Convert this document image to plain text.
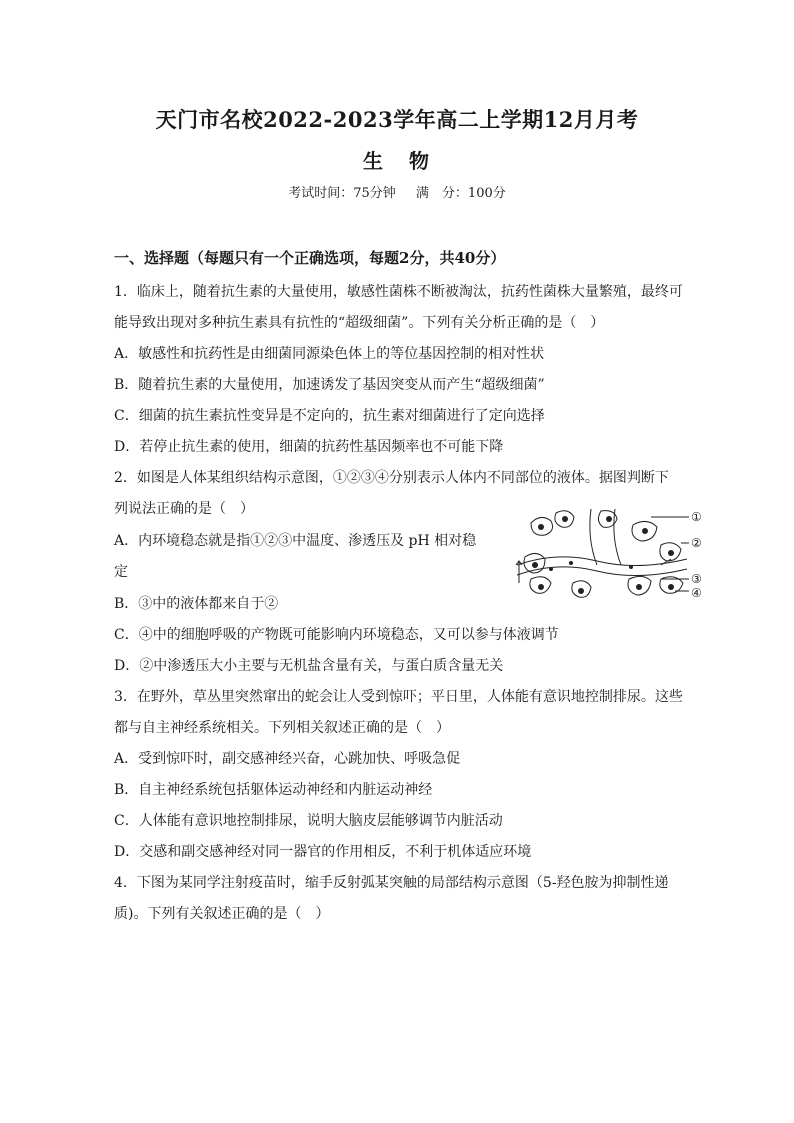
天门市名校2022-2023学年高二上学期12月月考
生物
考试时间：75分钟 满　分：100分
一、选择题（每题只有一个正确选项，每题2分，共40分）
1．临床上，随着抗生素的大量使用，敏感性菌株不断被淘汰，抗药性菌株大量繁殖，最终可
能导致出现对多种抗生素具有抗性的“超级细菌”。下列有关分析正确的是（　）
A．敏感性和抗药性是由细菌同源染色体上的等位基因控制的相对性状
B．随着抗生素的大量使用，加速诱发了基因突变从而产生“超级细菌”
C．细菌的抗生素抗性变异是不定向的，抗生素对细菌进行了定向选择
D．若停止抗生素的使用，细菌的抗药性基因频率也不可能下降
2．如图是人体某组织结构示意图，①②③④分别表示人体内不同部位的液体。据图判断下
列说法正确的是（　）
A．内环境稳态就是指①②③中温度、渗透压及 pH 相对稳
定
B．③中的液体都来自于②
C．④中的细胞呼吸的产物既可能影响内环境稳态，又可以参与体液调节
D．②中渗透压大小主要与无机盐含量有关，与蛋白质含量无关
①
②
③
④
3．在野外，草丛里突然窜出的蛇会让人受到惊吓；平日里，人体能有意识地控制排尿。这些
都与自主神经系统相关。下列相关叙述正确的是（　）
A．受到惊吓时，副交感神经兴奋，心跳加快、呼吸急促
B．自主神经系统包括躯体运动神经和内脏运动神经
C．人体能有意识地控制排尿，说明大脑皮层能够调节内脏活动
D．交感和副交感神经对同一器官的作用相反，不利于机体适应环境
4．下图为某同学注射疫苗时，缩手反射弧某突触的局部结构示意图（5-羟色胺为抑制性递
质)。下列有关叙述正确的是（　）
